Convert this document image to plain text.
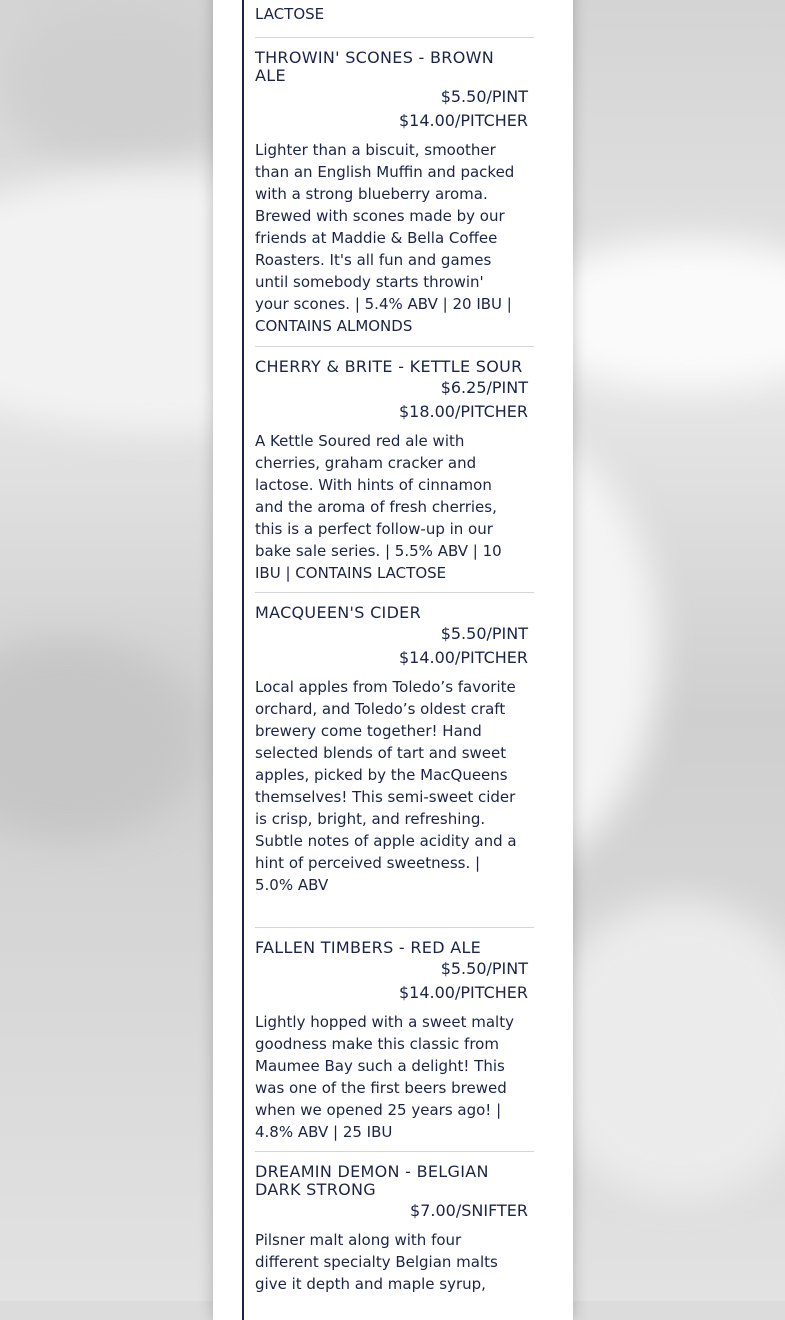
LACTOSE
THROWIN' SCONES - BROWN ALE
$5.50/PINT
$14.00/PITCHER
Lighter than a biscuit, smoother than an English Muffin and packed with a strong blueberry aroma. Brewed with scones made by our friends at Maddie & Bella Coffee Roasters. It's all fun and games until somebody starts throwin' your scones. | 5.4% ABV | 20 IBU | CONTAINS ALMONDS
CHERRY & BRITE - KETTLE SOUR
$6.25/PINT
$18.00/PITCHER
A Kettle Soured red ale with cherries, graham cracker and lactose. With hints of cinnamon and the aroma of fresh cherries, this is a perfect follow-up in our bake sale series. | 5.5% ABV | 10 IBU | CONTAINS LACTOSE
MACQUEEN'S CIDER
$5.50/PINT
$14.00/PITCHER
Local apples from Toledo’s favorite orchard, and Toledo’s oldest craft brewery come together! Hand selected blends of tart and sweet apples, picked by the MacQueens themselves! This semi-sweet cider is crisp, bright, and refreshing. Subtle notes of apple acidity and a hint of perceived sweetness. | 5.0% ABV
FALLEN TIMBERS - RED ALE
$5.50/PINT
$14.00/PITCHER
Lightly hopped with a sweet malty goodness make this classic from Maumee Bay such a delight! This was one of the first beers brewed when we opened 25 years ago! | 4.8% ABV | 25 IBU
DREAMIN DEMON - BELGIAN DARK STRONG
$7.00/SNIFTER
Pilsner malt along with four different specialty Belgian malts give it depth and maple syrup,
